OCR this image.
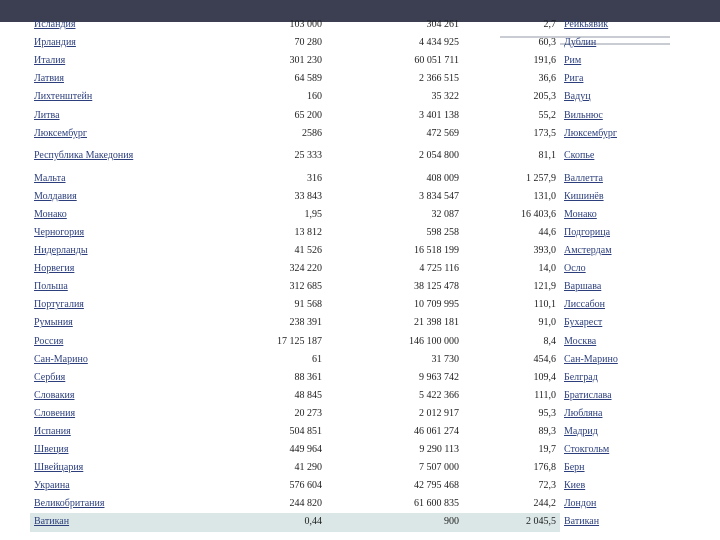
Исландия	103 000	304 261	2,7	Рейкьявик
Ирландия	70 280	4 434 925	60,3	Дублин
Италия	301 230	60 051 711	191,6	Рим
Латвия	64 589	2 366 515	36,6	Рига
Лихтенштейн	160	35 322	205,3	Вадуц
Литва	65 200	3 401 138	55,2	Вильнюс
Люксембург	2586	472 569	173,5	Люксембург
Республика Македония	25 333	2 054 800	81,1	Скопье
Мальта	316	408 009	1 257,9	Валлетта
Молдавия	33 843	3 834 547	131,0	Кишинёв
Монако	1,95	32 087	16 403,6	Монако
Черногория	13 812	598 258	44,6	Подгорица
Нидерланды	41 526	16 518 199	393,0	Амстердам
Норвегия	324 220	4 725 116	14,0	Осло
Польша	312 685	38 125 478	121,9	Варшава
Португалия	91 568	10 709 995	110,1	Лиссабон
Румыния	238 391	21 398 181	91,0	Бухарест
Россия	17 125 187	146 100 000	8,4	Москва
Сан-Марино	61	31 730	454,6	Сан-Марино
Сербия	88 361	9 963 742	109,4	Белград
Словакия	48 845	5 422 366	111,0	Братислава
Словения	20 273	2 012 917	95,3	Любляна
Испания	504 851	46 061 274	89,3	Мадрид
Швеция	449 964	9 290 113	19,7	Стокгольм
Швейцария	41 290	7 507 000	176,8	Берн
Украина	576 604	42 795 468	72,3	Киев
Великобритания	244 820	61 600 835	244,2	Лондон
Ватикан	0,44	900	2 045,5	Ватикан
